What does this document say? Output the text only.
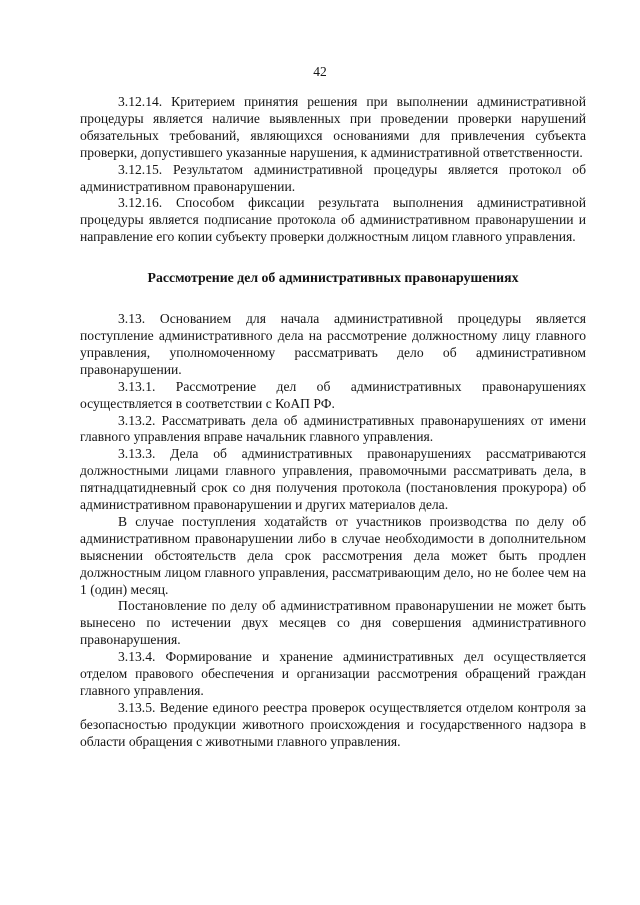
42

3.12.14. Критерием принятия решения при выполнении административной процедуры является наличие выявленных при проведении проверки нарушений обязательных требований, являющихся основаниями для привлечения субъекта проверки, допустившего указанные нарушения, к административной ответственности.

3.12.15. Результатом административной процедуры является протокол об административном правонарушении.

3.12.16. Способом фиксации результата выполнения административной процедуры является подписание протокола об административном правонарушении и направление его копии субъекту проверки должностным лицом главного управления.

Рассмотрение дел об административных правонарушениях

3.13. Основанием для начала административной процедуры является поступление административного дела на рассмотрение должностному лицу главного управления, уполномоченному рассматривать дело об административном правонарушении.

3.13.1. Рассмотрение дел об административных правонарушениях осуществляется в соответствии с КоАП РФ.

3.13.2. Рассматривать дела об административных правонарушениях от имени главного управления вправе начальник главного управления.

3.13.3. Дела об административных правонарушениях рассматриваются должностными лицами главного управления, правомочными рассматривать дела, в пятнадцатидневный срок со дня получения протокола (постановления прокурора) об административном правонарушении и других материалов дела.

В случае поступления ходатайств от участников производства по делу об административном правонарушении либо в случае необходимости в дополнительном выяснении обстоятельств дела срок рассмотрения дела может быть продлен должностным лицом главного управления, рассматривающим дело, но не более чем на 1 (один) месяц.

Постановление по делу об административном правонарушении не может быть вынесено по истечении двух месяцев со дня совершения административного правонарушения.

3.13.4. Формирование и хранение административных дел осуществляется отделом правового обеспечения и организации рассмотрения обращений граждан главного управления.

3.13.5. Ведение единого реестра проверок осуществляется отделом контроля за безопасностью продукции животного происхождения и государственного надзора в области обращения с животными главного управления.
